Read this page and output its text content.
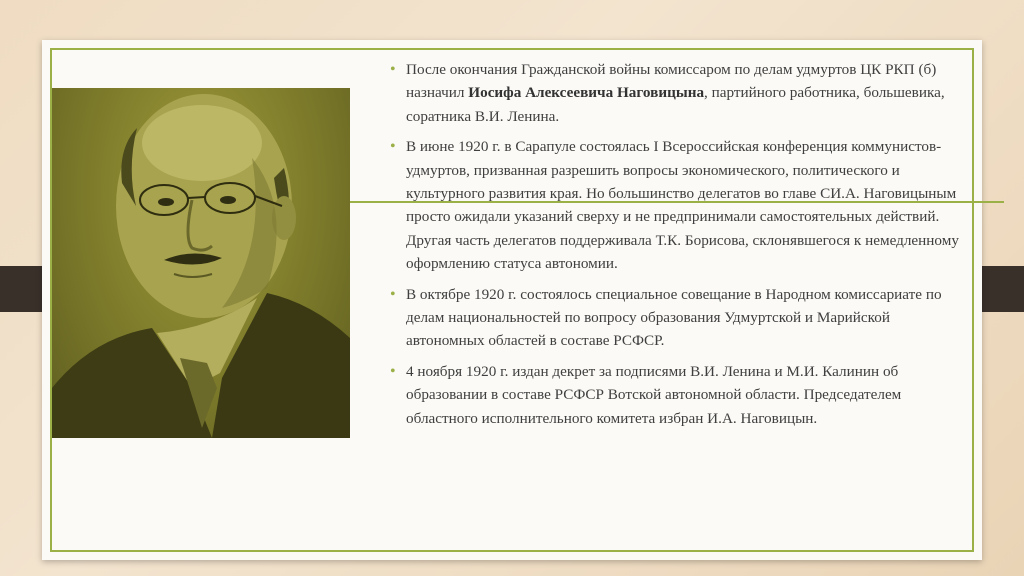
• После окончания Гражданской войны комиссаром по делам удмуртов ЦК РКП (б) назначил Иосифа Алексеевича Наговицына, партийного работника, большевика, соратника В.И. Ленина.
• В июне 1920 г. в Сарапуле состоялась I Всероссийская конференция коммунистов-удмуртов, призванная разрешить вопросы экономического, политического и культурного развития края. Но большинство делегатов во главе СИ.А. Наговицыным просто ожидали указаний сверху и не предпринимали самостоятельных действий. Другая часть делегатов поддерживала Т.К. Борисова, склонявшегося к немедленному оформлению статуса автономии.
• В октябре 1920 г. состоялось специальное совещание в Народном комиссариате по делам национальностей по вопросу образования Удмуртской и Марийской автономных областей в составе РСФСР.
• 4 ноября 1920 г. издан декрет за подписями В.И. Ленина и М.И. Калинин об образовании в составе РСФСР Вотской автономной области. Председателем областного исполнительного комитета избран И.А. Наговицын.
